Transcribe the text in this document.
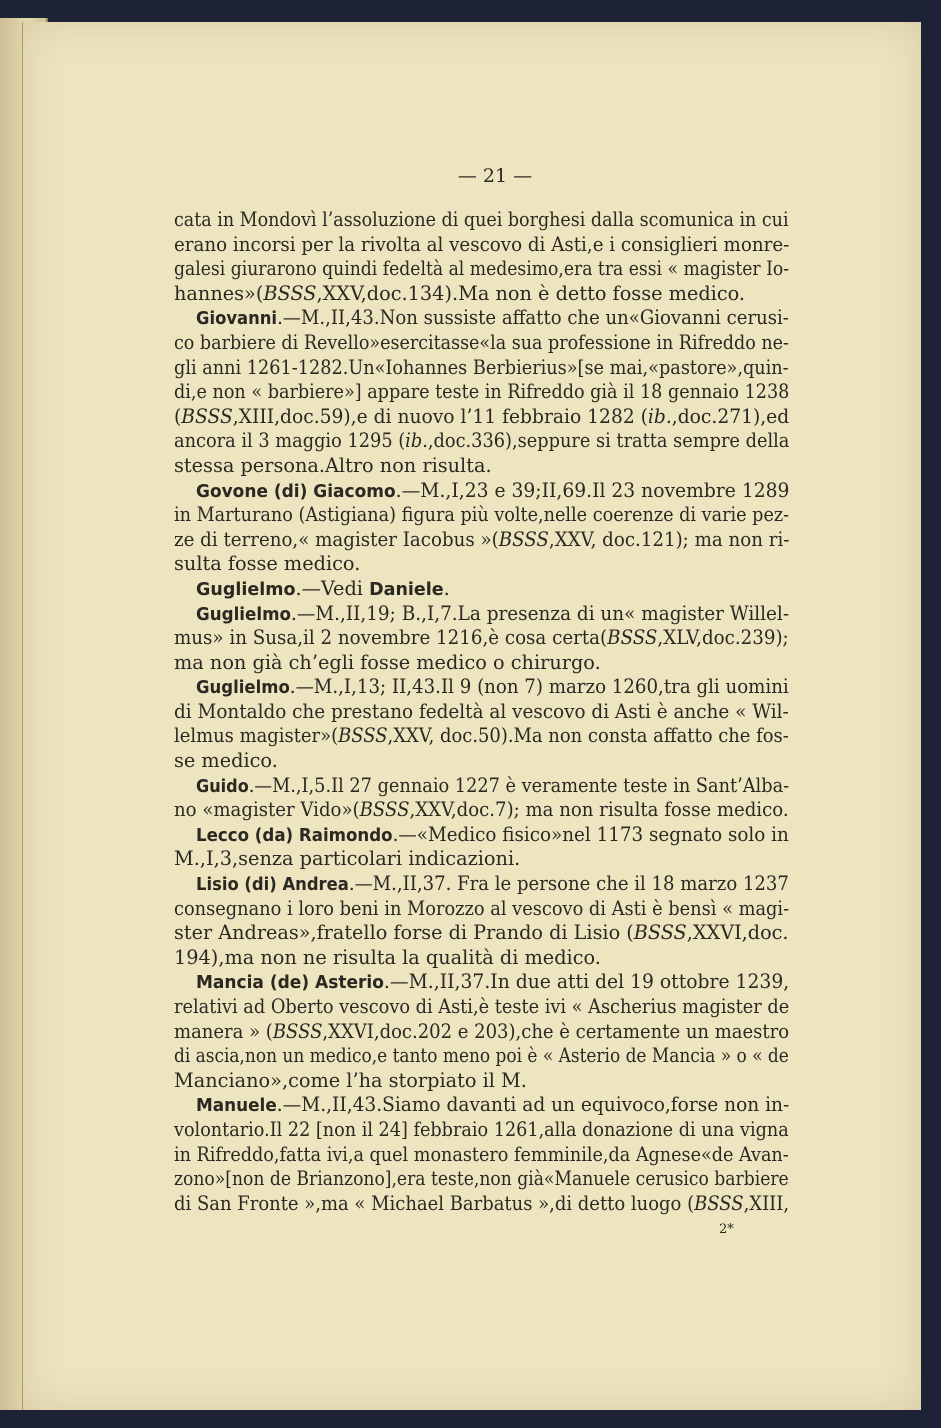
— 21 —
cata in Mondovì l’assoluzione di quei borghesi dalla scomunica in cui
erano incorsi per la rivolta al vescovo di Asti,e i consiglieri monre-
galesi giurarono quindi fedeltà al medesimo,era tra essi « magister Io-
hannes»(BSSS,XXV,doc.134).Ma non è detto fosse medico.
Giovanni.—M.,II,43.Non sussiste affatto che un«Giovanni cerusi-
co barbiere di Revello»esercitasse«la sua professione in Rifreddo ne-
gli anni 1261-1282.Un«Iohannes Berbierius»[se mai,«pastore»,quin-
di,e non « barbiere»] appare teste in Rifreddo già il 18 gennaio 1238
(BSSS,XIII,doc.59),e di nuovo l’11 febbraio 1282 (ib.,doc.271),ed
ancora il 3 maggio 1295 (ib.,doc.336),seppure si tratta sempre della
stessa persona.Altro non risulta.
Govone (di) Giacomo.—M.,I,23 e 39;II,69.Il 23 novembre 1289
in Marturano (Astigiana) figura più volte,nelle coerenze di varie pez-
ze di terreno,« magister Iacobus »(BSSS,XXV, doc.121); ma non ri-
sulta fosse medico.
Guglielmo.—Vedi Daniele.
Guglielmo.—M.,II,19; B.,I,7.La presenza di un« magister Willel-
mus» in Susa,il 2 novembre 1216,è cosa certa(BSSS,XLV,doc.239);
ma non già ch’egli fosse medico o chirurgo.
Guglielmo.—M.,I,13; II,43.Il 9 (non 7) marzo 1260,tra gli uomini
di Montaldo che prestano fedeltà al vescovo di Asti è anche « Wil-
lelmus magister»(BSSS,XXV, doc.50).Ma non consta affatto che fos-
se medico.
Guido.—M.,I,5.Il 27 gennaio 1227 è veramente teste in Sant’Alba-
no «magister Vido»(BSSS,XXV,doc.7); ma non risulta fosse medico.
Lecco (da) Raimondo.—«Medico fisico»nel 1173 segnato solo in
M.,I,3,senza particolari indicazioni.
Lisio (di) Andrea.—M.,II,37. Fra le persone che il 18 marzo 1237
consegnano i loro beni in Morozzo al vescovo di Asti è bensì « magi-
ster Andreas»,fratello forse di Prando di Lisio (BSSS,XXVI,doc.
194),ma non ne risulta la qualità di medico.
Mancia (de) Asterio.—M.,II,37.In due atti del 19 ottobre 1239,
relativi ad Oberto vescovo di Asti,è teste ivi « Ascherius magister de
manera » (BSSS,XXVI,doc.202 e 203),che è certamente un maestro
di ascia,non un medico,e tanto meno poi è « Asterio de Mancia » o « de
Manciano»,come l’ha storpiato il M.
Manuele.—M.,II,43.Siamo davanti ad un equivoco,forse non in-
volontario.Il 22 [non il 24] febbraio 1261,alla donazione di una vigna
in Rifreddo,fatta ivi,a quel monastero femminile,da Agnese«de Avan-
zono»[non de Brianzono],era teste,non già«Manuele cerusico barbiere
di San Fronte »,ma « Michael Barbatus »,di detto luogo (BSSS,XIII,
2*
